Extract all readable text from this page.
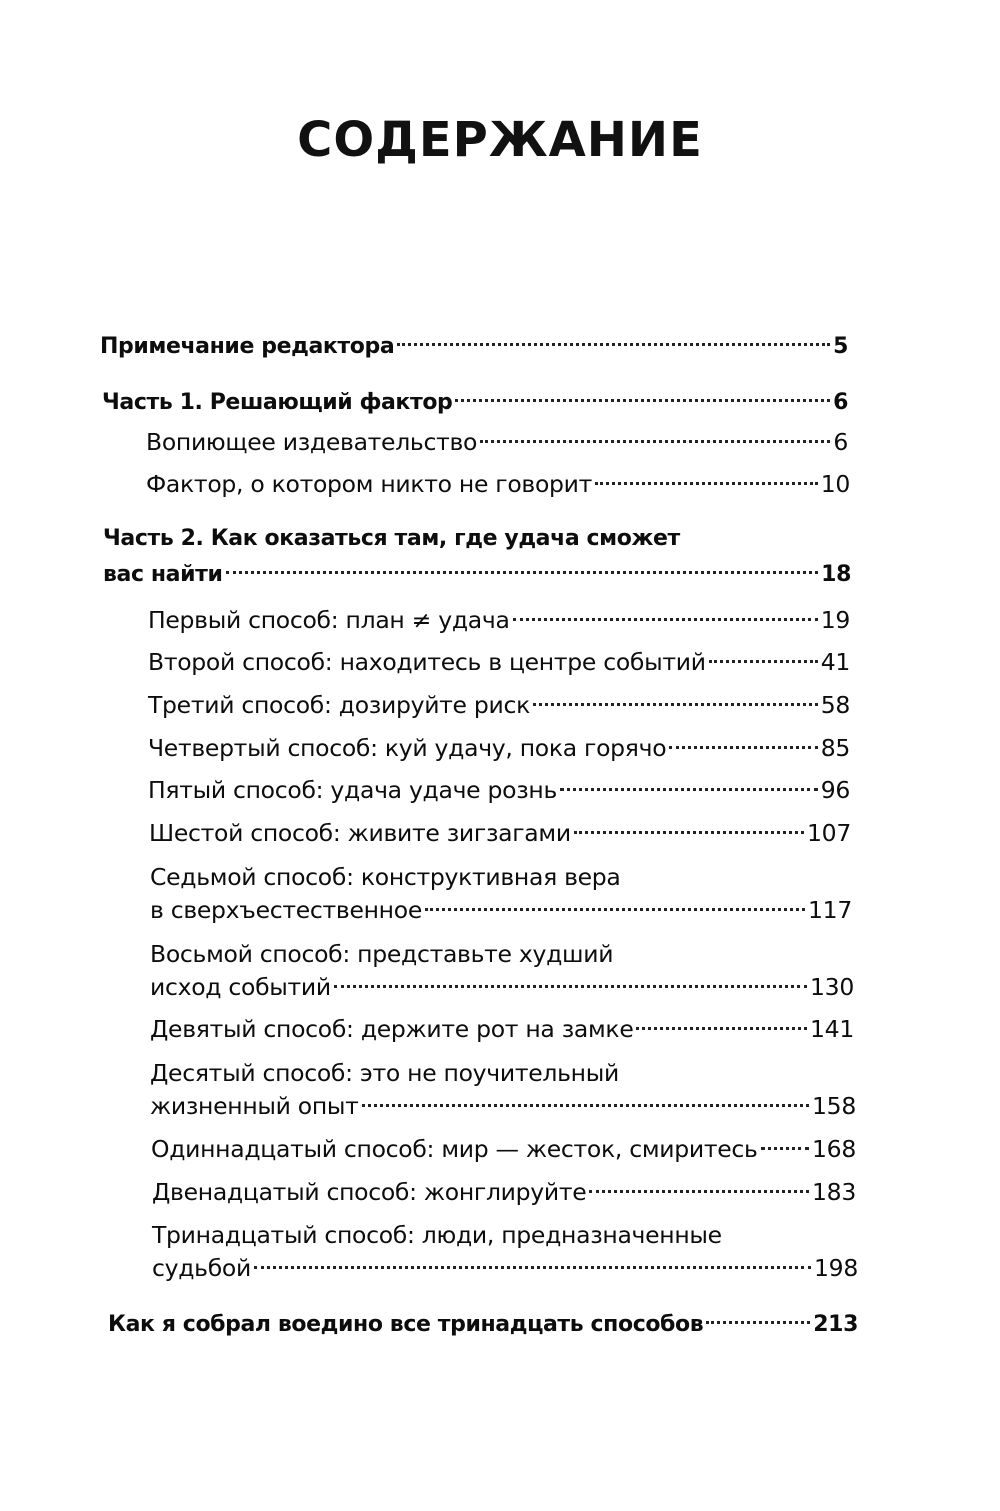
СОДЕРЖАНИЕ
Примечание редактора	5
Часть 1. Решающий фактор	6
Вопиющее издевательство	6
Фактор, о котором никто не говорит	10
Часть 2. Как оказаться там, где удача сможет
вас найти	18
Первый способ: план ≠ удача	19
Второй способ: находитесь в центре событий	41
Третий способ: дозируйте риск	58
Четвертый способ: куй удачу, пока горячо	85
Пятый способ: удача удаче рознь	96
Шестой способ: живите зигзагами	107
Седьмой способ: конструктивная вера
в сверхъестественное	117
Восьмой способ: представьте худший
исход событий	130
Девятый способ: держите рот на замке	141
Десятый способ: это не поучительный
жизненный опыт	158
Одиннадцатый способ: мир — жесток, смиритесь 168
Двенадцатый способ: жонглируйте	183
Тринадцатый способ: люди, предназначенные
судьбой	198
Как я собрал воедино все тринадцать способов	213
